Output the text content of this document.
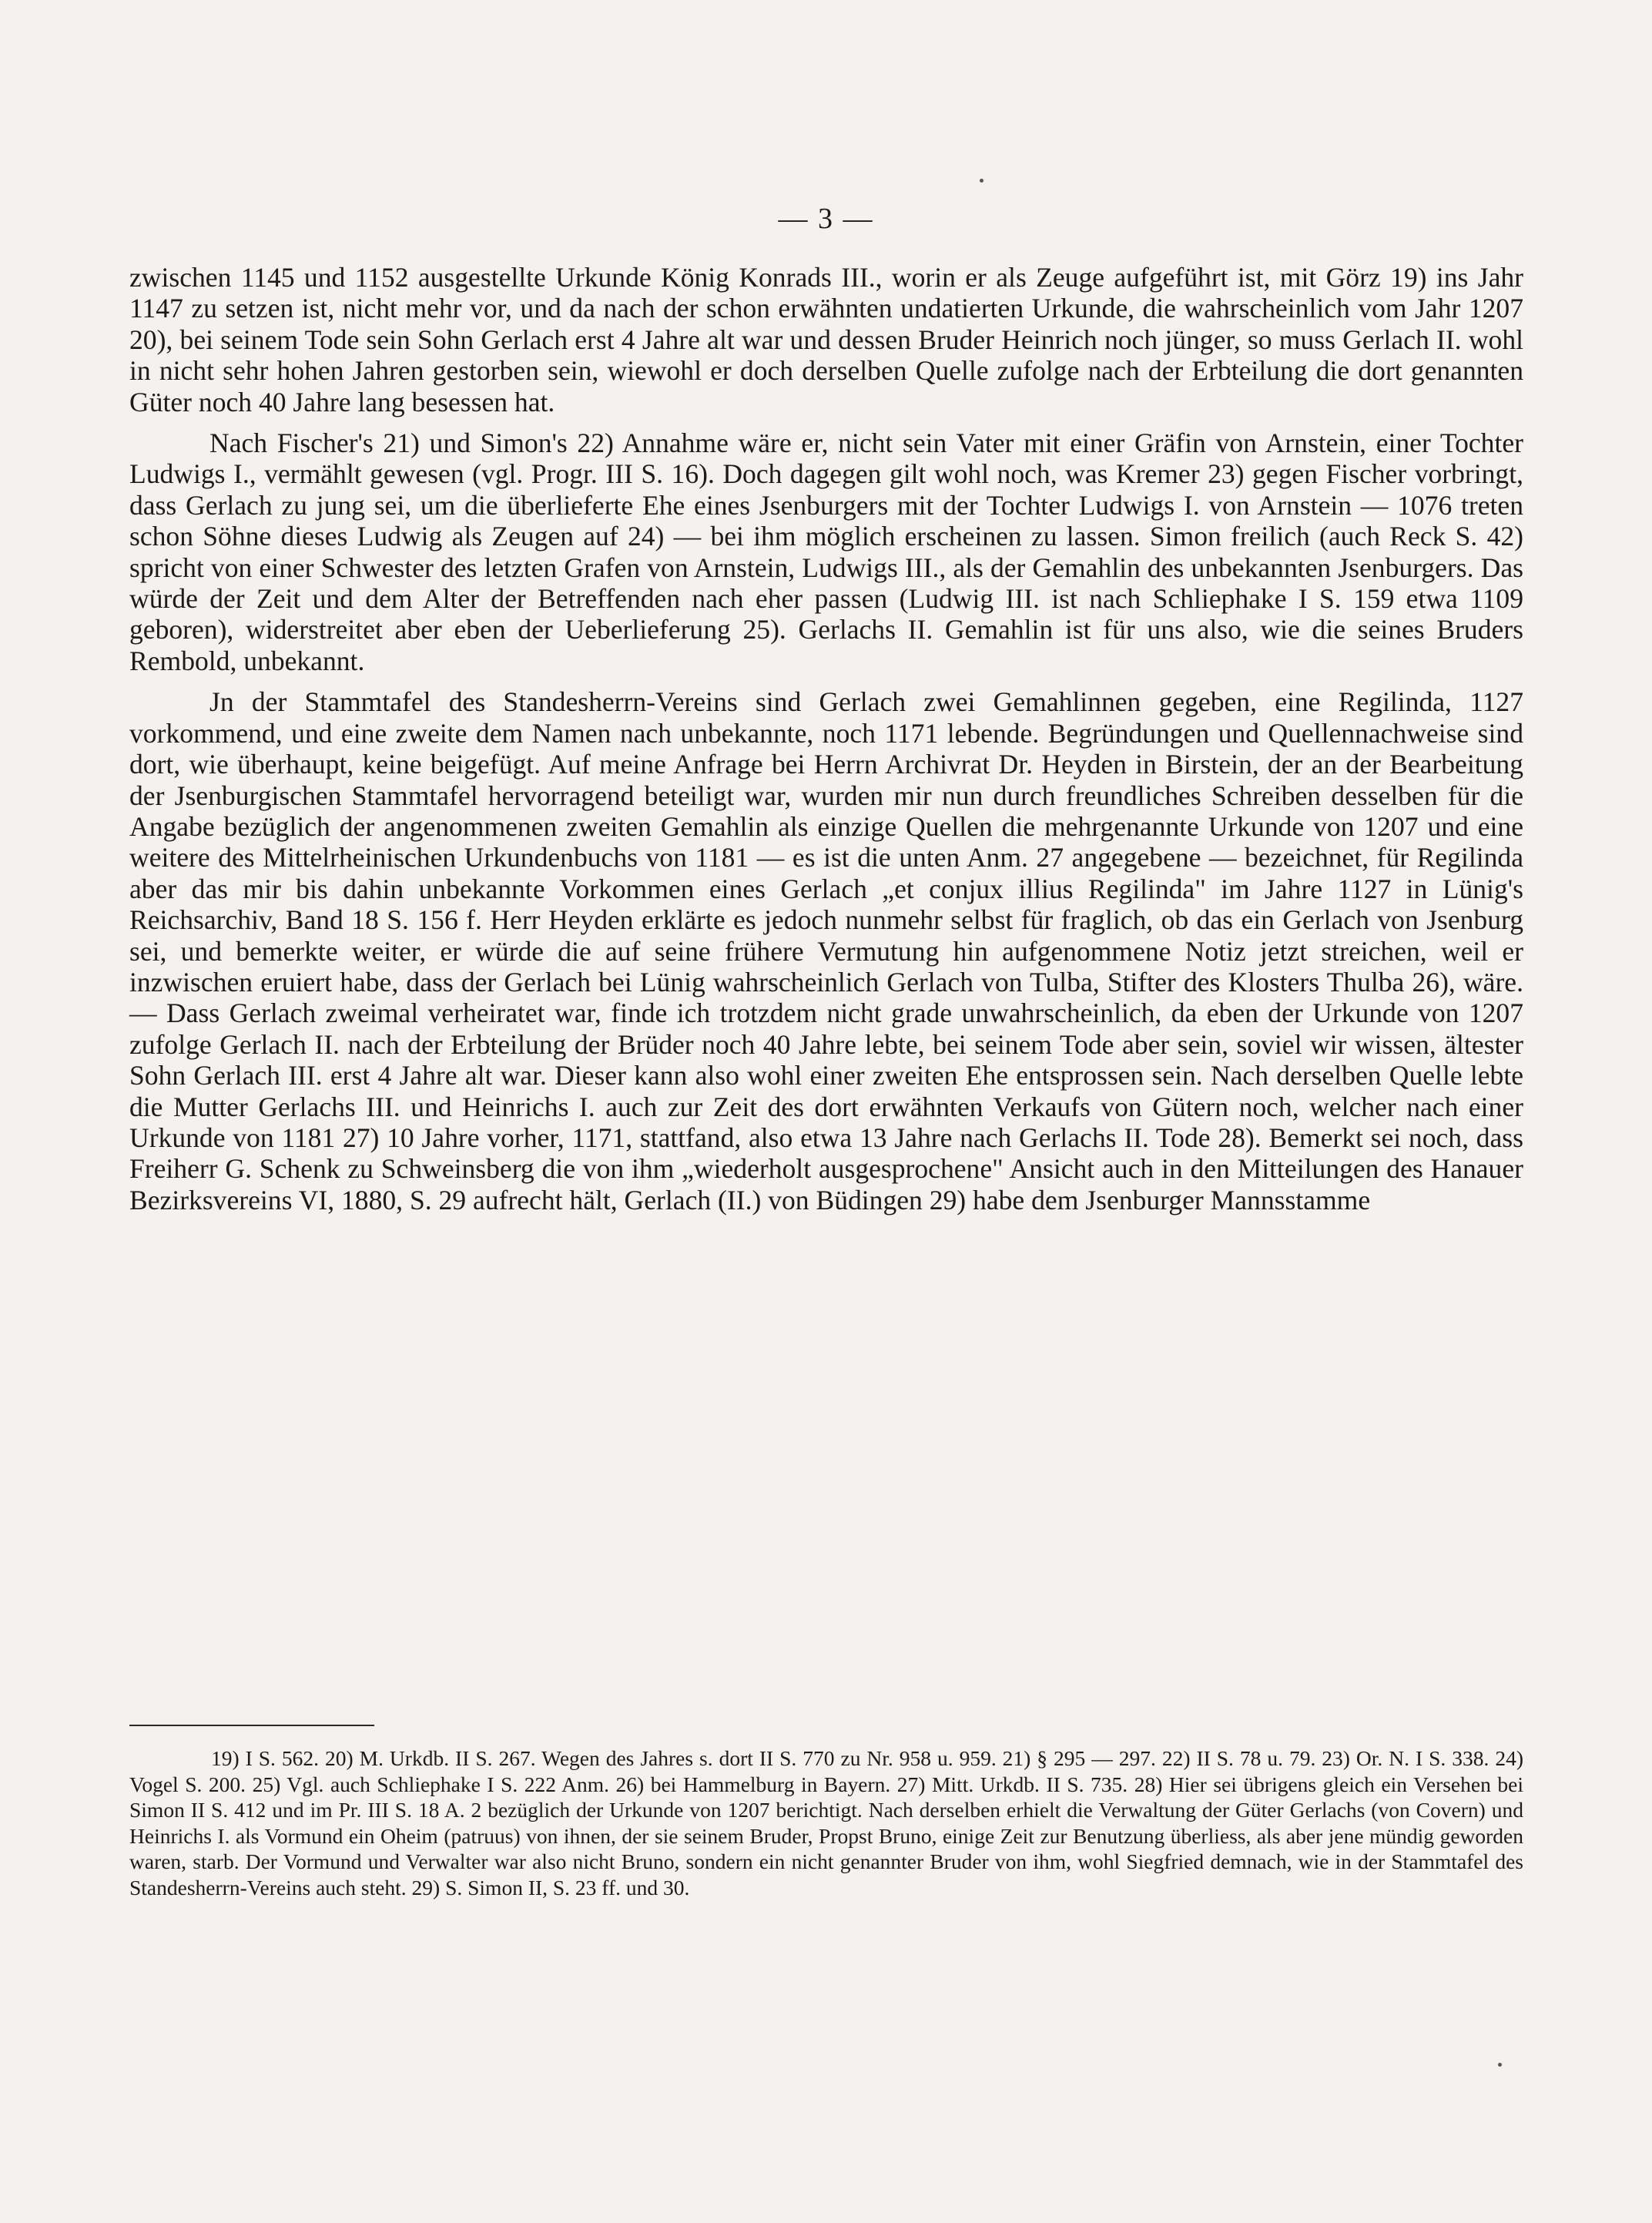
— 3 —

zwischen 1145 und 1152 ausgestellte Urkunde König Konrads III., worin er als Zeuge aufgeführt ist, mit Görz 19) ins Jahr 1147 zu setzen ist, nicht mehr vor, und da nach der schon erwähnten undatierten Urkunde, die wahrscheinlich vom Jahr 1207 20), bei seinem Tode sein Sohn Gerlach erst 4 Jahre alt war und dessen Bruder Heinrich noch jünger, so muss Gerlach II. wohl in nicht sehr hohen Jahren gestorben sein, wiewohl er doch derselben Quelle zufolge nach der Erbteilung die dort genannten Güter noch 40 Jahre lang besessen hat.

Nach Fischer's 21) und Simon's 22) Annahme wäre er, nicht sein Vater mit einer Gräfin von Arnstein, einer Tochter Ludwigs I., vermählt gewesen (vgl. Progr. III S. 16). Doch dagegen gilt wohl noch, was Kremer 23) gegen Fischer vorbringt, dass Gerlach zu jung sei, um die überlieferte Ehe eines Jsenburgers mit der Tochter Ludwigs I. von Arnstein — 1076 treten schon Söhne dieses Ludwig als Zeugen auf 24) — bei ihm möglich erscheinen zu lassen. Simon freilich (auch Reck S. 42) spricht von einer Schwester des letzten Grafen von Arnstein, Ludwigs III., als der Gemahlin des unbekannten Jsenburgers. Das würde der Zeit und dem Alter der Betreffenden nach eher passen (Ludwig III. ist nach Schliephake I S. 159 etwa 1109 geboren), widerstreitet aber eben der Ueberlieferung 25). Gerlachs II. Gemahlin ist für uns also, wie die seines Bruders Rembold, unbekannt.

Jn der Stammtafel des Standesherrn-Vereins sind Gerlach zwei Gemahlinnen gegeben, eine Regilinda, 1127 vorkommend, und eine zweite dem Namen nach unbekannte, noch 1171 lebende. Begründungen und Quellennachweise sind dort, wie überhaupt, keine beigefügt. Auf meine Anfrage bei Herrn Archivrat Dr. Heyden in Birstein, der an der Bearbeitung der Jsenburgischen Stammtafel hervorragend beteiligt war, wurden mir nun durch freundliches Schreiben desselben für die Angabe bezüglich der angenommenen zweiten Gemahlin als einzige Quellen die mehrgenannte Urkunde von 1207 und eine weitere des Mittelrheinischen Urkundenbuchs von 1181 — es ist die unten Anm. 27 angegebene — bezeichnet, für Regilinda aber das mir bis dahin unbekannte Vorkommen eines Gerlach „et conjux illius Regilinda" im Jahre 1127 in Lünig's Reichsarchiv, Band 18 S. 156 f. Herr Heyden erklärte es jedoch nunmehr selbst für fraglich, ob das ein Gerlach von Jsenburg sei, und bemerkte weiter, er würde die auf seine frühere Vermutung hin aufgenommene Notiz jetzt streichen, weil er inzwischen eruiert habe, dass der Gerlach bei Lünig wahrscheinlich Gerlach von Tulba, Stifter des Klosters Thulba 26), wäre. — Dass Gerlach zweimal verheiratet war, finde ich trotzdem nicht grade unwahrscheinlich, da eben der Urkunde von 1207 zufolge Gerlach II. nach der Erbteilung der Brüder noch 40 Jahre lebte, bei seinem Tode aber sein, soviel wir wissen, ältester Sohn Gerlach III. erst 4 Jahre alt war. Dieser kann also wohl einer zweiten Ehe entsprossen sein. Nach derselben Quelle lebte die Mutter Gerlachs III. und Heinrichs I. auch zur Zeit des dort erwähnten Verkaufs von Gütern noch, welcher nach einer Urkunde von 1181 27) 10 Jahre vorher, 1171, stattfand, also etwa 13 Jahre nach Gerlachs II. Tode 28). Bemerkt sei noch, dass Freiherr G. Schenk zu Schweinsberg die von ihm „wiederholt ausgesprochene" Ansicht auch in den Mitteilungen des Hanauer Bezirksvereins VI, 1880, S. 29 aufrecht hält, Gerlach (II.) von Büdingen 29) habe dem Jsenburger Mannsstamme

19) I S. 562. 20) M. Urkdb. II S. 267. Wegen des Jahres s. dort II S. 770 zu Nr. 958 u. 959. 21) § 295 — 297. 22) II S. 78 u. 79. 23) Or. N. I S. 338. 24) Vogel S. 200. 25) Vgl. auch Schliephake I S. 222 Anm. 26) bei Hammelburg in Bayern. 27) Mitt. Urkdb. II S. 735. 28) Hier sei übrigens gleich ein Versehen bei Simon II S. 412 und im Pr. III S. 18 A. 2 bezüglich der Urkunde von 1207 berichtigt. Nach derselben erhielt die Verwaltung der Güter Gerlachs (von Covern) und Heinrichs I. als Vormund ein Oheim (patruus) von ihnen, der sie seinem Bruder, Propst Bruno, einige Zeit zur Benutzung überliess, als aber jene mündig geworden waren, starb. Der Vormund und Verwalter war also nicht Bruno, sondern ein nicht genannter Bruder von ihm, wohl Siegfried demnach, wie in der Stammtafel des Standesherrn-Vereins auch steht. 29) S. Simon II, S. 23 ff. und 30.
